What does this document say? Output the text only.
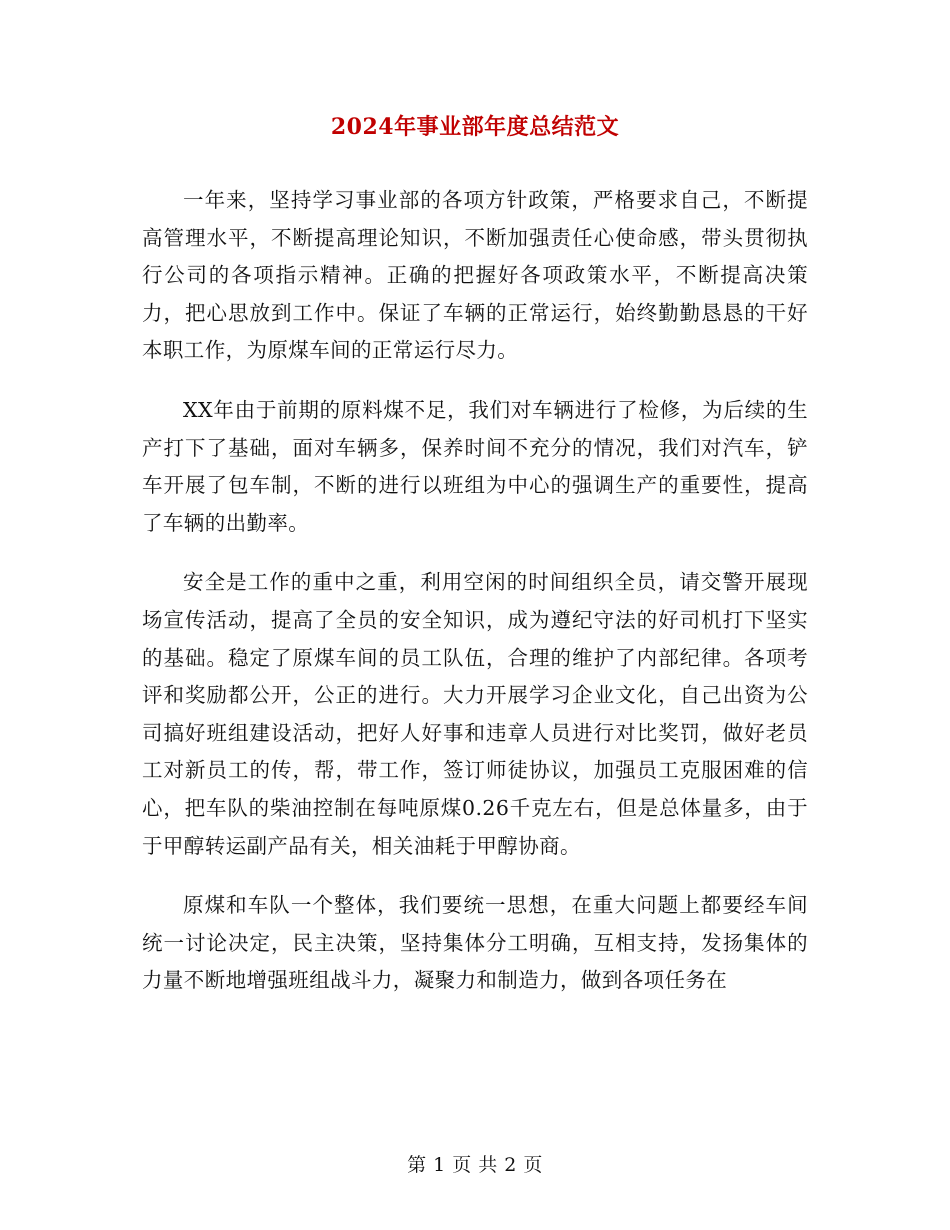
2024年事业部年度总结范文

一年来，坚持学习事业部的各项方针政策，严格要求自己，不断提高管理水平，不断提高理论知识，不断加强责任心使命感，带头贯彻执行公司的各项指示精神。正确的把握好各项政策水平，不断提高决策力，把心思放到工作中。保证了车辆的正常运行，始终勤勤恳恳的干好本职工作，为原煤车间的正常运行尽力。

XX年由于前期的原料煤不足，我们对车辆进行了检修，为后续的生产打下了基础，面对车辆多，保养时间不充分的情况，我们对汽车，铲车开展了包车制，不断的进行以班组为中心的强调生产的重要性，提高了车辆的出勤率。

安全是工作的重中之重，利用空闲的时间组织全员，请交警开展现场宣传活动，提高了全员的安全知识，成为遵纪守法的好司机打下坚实的基础。稳定了原煤车间的员工队伍，合理的维护了内部纪律。各项考评和奖励都公开，公正的进行。大力开展学习企业文化，自己出资为公司搞好班组建设活动，把好人好事和违章人员进行对比奖罚，做好老员工对新员工的传，帮，带工作，签订师徒协议，加强员工克服困难的信心，把车队的柴油控制在每吨原煤0.26千克左右，但是总体量多，由于于甲醇转运副产品有关，相关油耗于甲醇协商。

原煤和车队一个整体，我们要统一思想，在重大问题上都要经车间统一讨论决定，民主决策，坚持集体分工明确，互相支持，发扬集体的力量不断地增强班组战斗力，凝聚力和制造力，做到各项任务在

第 1 页 共 2 页
